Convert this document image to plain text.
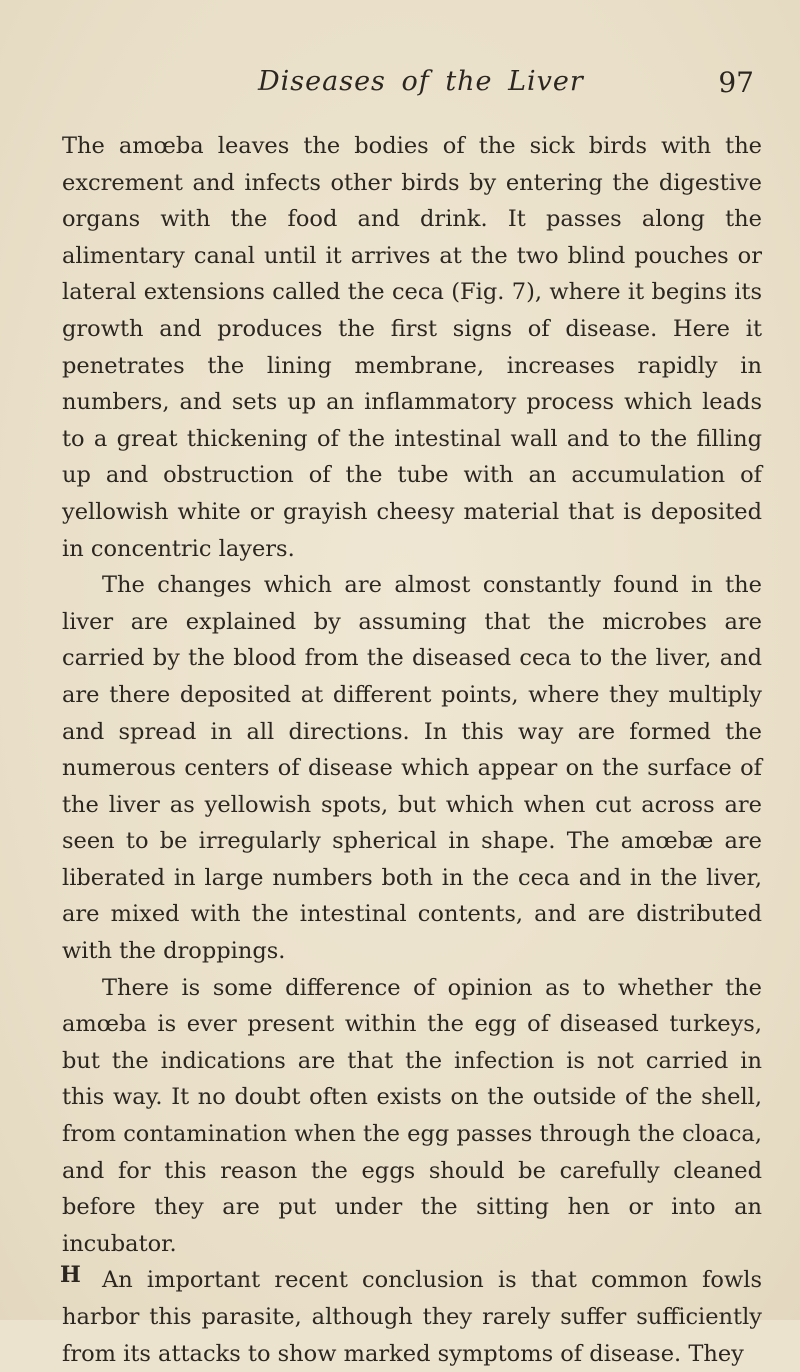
Diseases of the Liver	97

The amœba leaves the bodies of the sick birds with the excrement and infects other birds by entering the digestive organs with the food and drink. It passes along the alimentary canal until it arrives at the two blind pouches or lateral extensions called the ceca (Fig. 7), where it begins its growth and produces the first signs of disease. Here it penetrates the lining membrane, increases rapidly in numbers, and sets up an inflammatory process which leads to a great thickening of the intestinal wall and to the filling up and obstruction of the tube with an accumulation of yellowish white or grayish cheesy material that is deposited in concentric layers.

The changes which are almost constantly found in the liver are explained by assuming that the microbes are carried by the blood from the diseased ceca to the liver, and are there deposited at different points, where they multiply and spread in all directions. In this way are formed the numerous centers of disease which appear on the surface of the liver as yellowish spots, but which when cut across are seen to be irregularly spherical in shape. The amœbæ are liberated in large numbers both in the ceca and in the liver, are mixed with the intestinal contents, and are distributed with the droppings.

There is some difference of opinion as to whether the amœba is ever present within the egg of diseased turkeys, but the indications are that the infection is not carried in this way. It no doubt often exists on the outside of the shell, from contamination when the egg passes through the cloaca, and for this reason the eggs should be carefully cleaned before they are put under the sitting hen or into an incubator.

An important recent conclusion is that common fowls harbor this parasite, although they rarely suffer sufficiently from its attacks to show marked symptoms of disease. They

H
